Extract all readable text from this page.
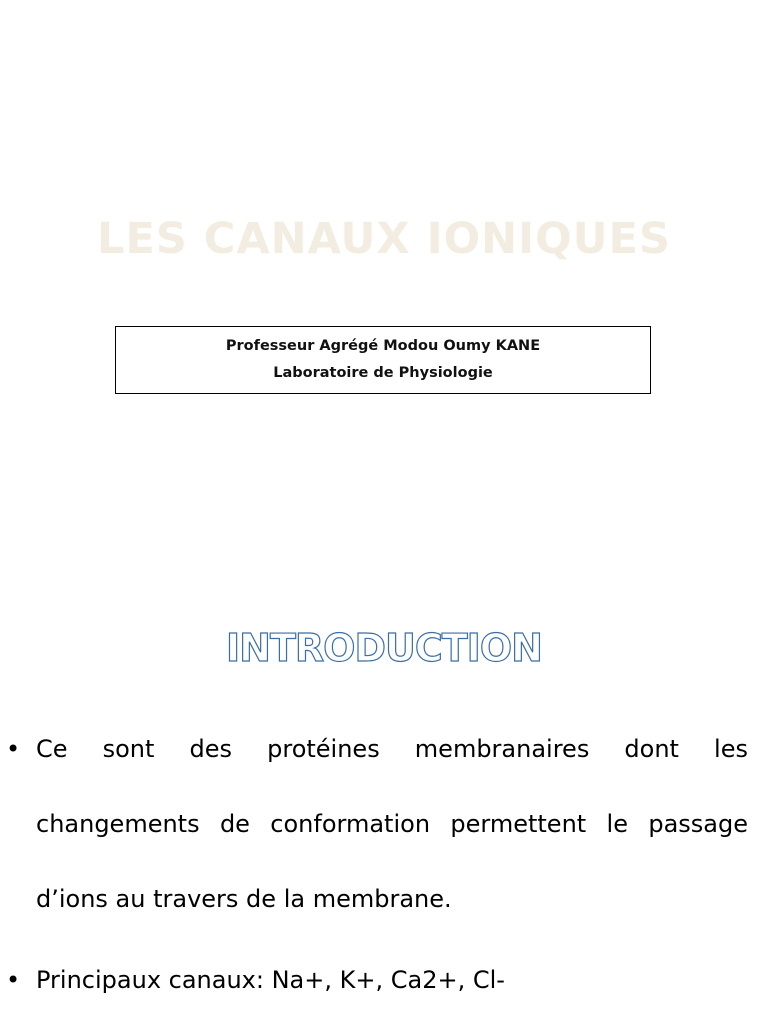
LES CANAUX IONIQUES
Professeur Agrégé Modou Oumy KANE
Laboratoire de Physiologie
INTRODUCTION
• Ce sont des protéines membranaires dont les changements de conformation permettent le passage d’ions au travers de la membrane.
• Principaux canaux: Na+, K+, Ca2+, Cl-
